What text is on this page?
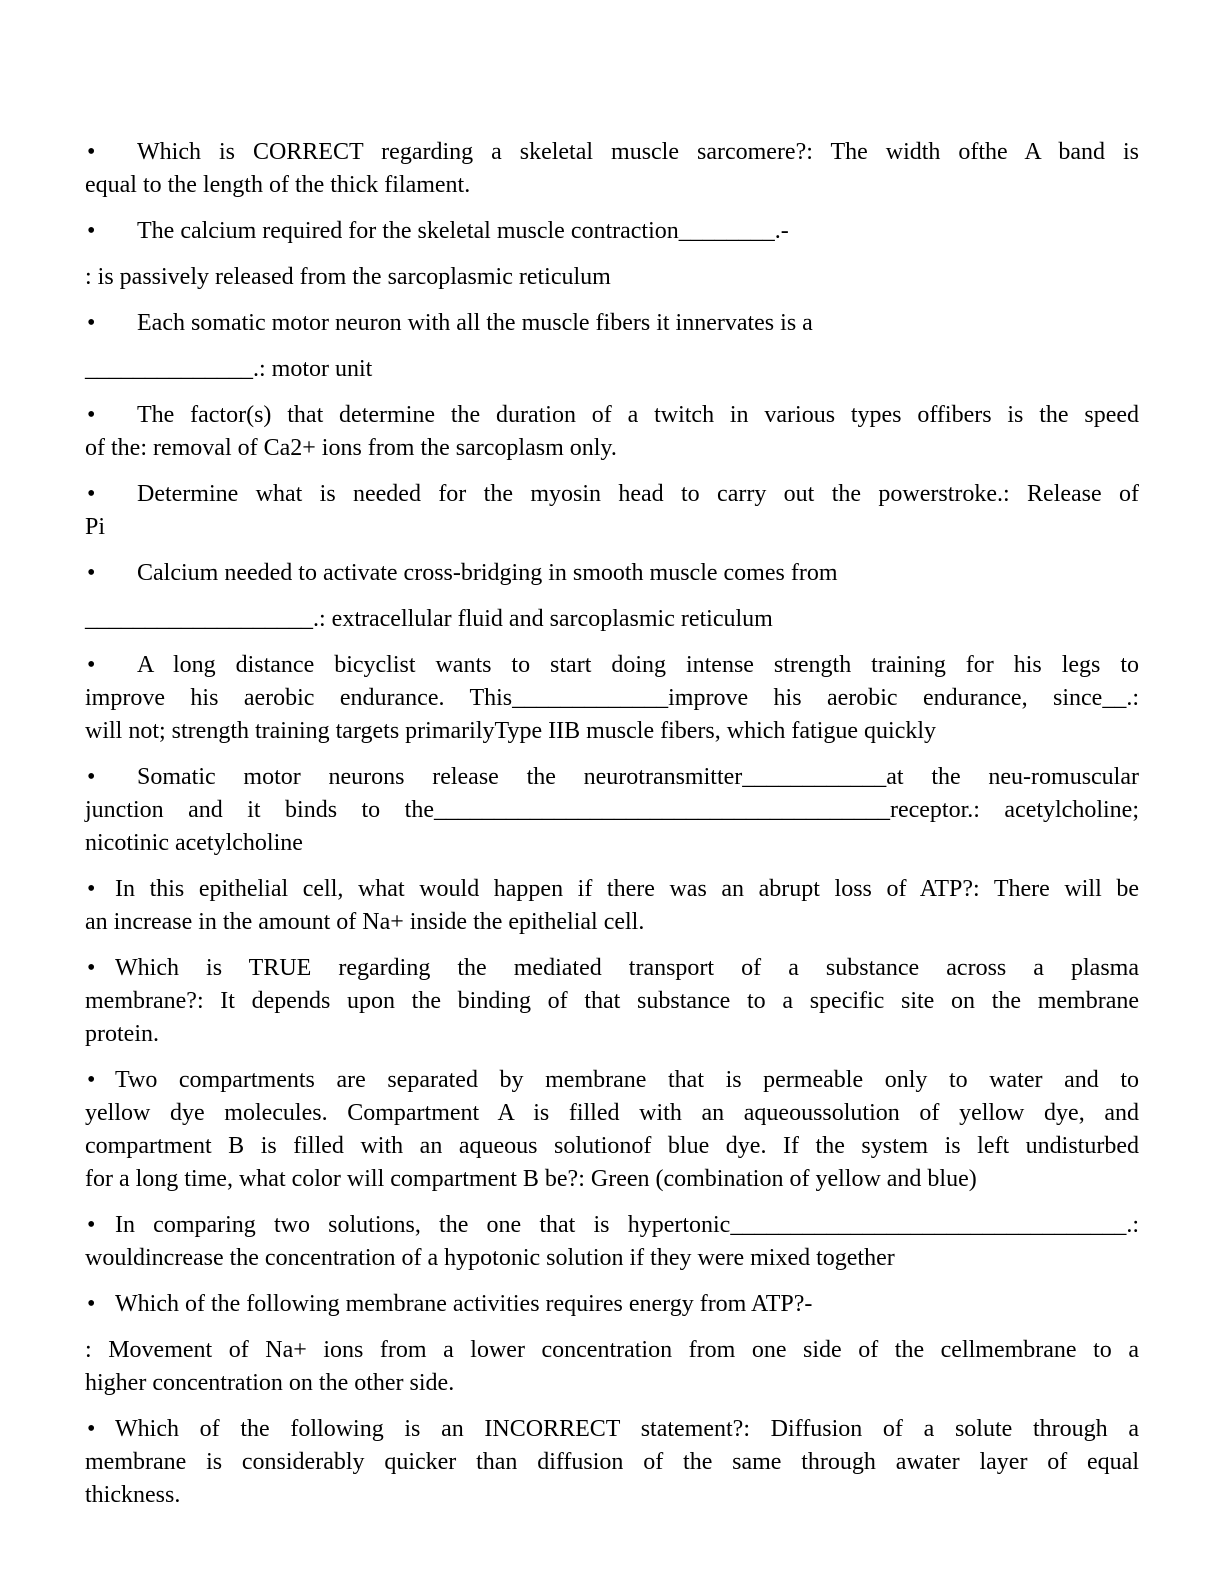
•	Which is CORRECT regarding a skeletal muscle sarcomere?: The width ofthe A band is
equal to the length of the thick filament.

•	The calcium required for the skeletal muscle contraction________.-

: is passively released from the sarcoplasmic reticulum

•	Each somatic motor neuron with all the muscle fibers it innervates is a

______________.: motor unit

•	The factor(s) that determine the duration of a twitch in various types offibers is the speed
of the: removal of Ca2+ ions from the sarcoplasm only.

•	Determine what is needed for the myosin head to carry out the powerstroke.: Release of
Pi

•	Calcium needed to activate cross-bridging in smooth muscle comes from

___________________.: extracellular fluid and sarcoplasmic reticulum

•	A long distance bicyclist wants to start doing intense strength training for his legs to
improve his aerobic endurance. This_____________improve his aerobic endurance, since__.:
will not; strength training targets primarilyType IIB muscle fibers, which fatigue quickly

•	Somatic motor neurons release the neurotransmitter____________at the neu-romuscular
junction and it binds to the______________________________________receptor.: acetylcholine;
nicotinic acetylcholine

• In this epithelial cell, what would happen if there was an abrupt loss of ATP?: There will be
an increase in the amount of Na+ inside the epithelial cell.

• Which is TRUE regarding the mediated transport of a substance across a plasma
membrane?: It depends upon the binding of that substance to a specific site on the membrane
protein.

• Two compartments are separated by membrane that is permeable only to water and to
yellow dye molecules. Compartment A is filled with an aqueoussolution of yellow dye, and
compartment B is filled with an aqueous solutionof blue dye. If the system is left undisturbed
for a long time, what color will compartment B be?: Green (combination of yellow and blue)

• In comparing two solutions, the one that is hypertonic_________________________________.:
wouldincrease the concentration of a hypotonic solution if they were mixed together

• Which of the following membrane activities requires energy from ATP?-

: Movement of Na+ ions from a lower concentration from one side of the cellmembrane to a
higher concentration on the other side.

• Which of the following is an INCORRECT statement?: Diffusion of a solute through a
membrane is considerably quicker than diffusion of the same through awater layer of equal
thickness.
